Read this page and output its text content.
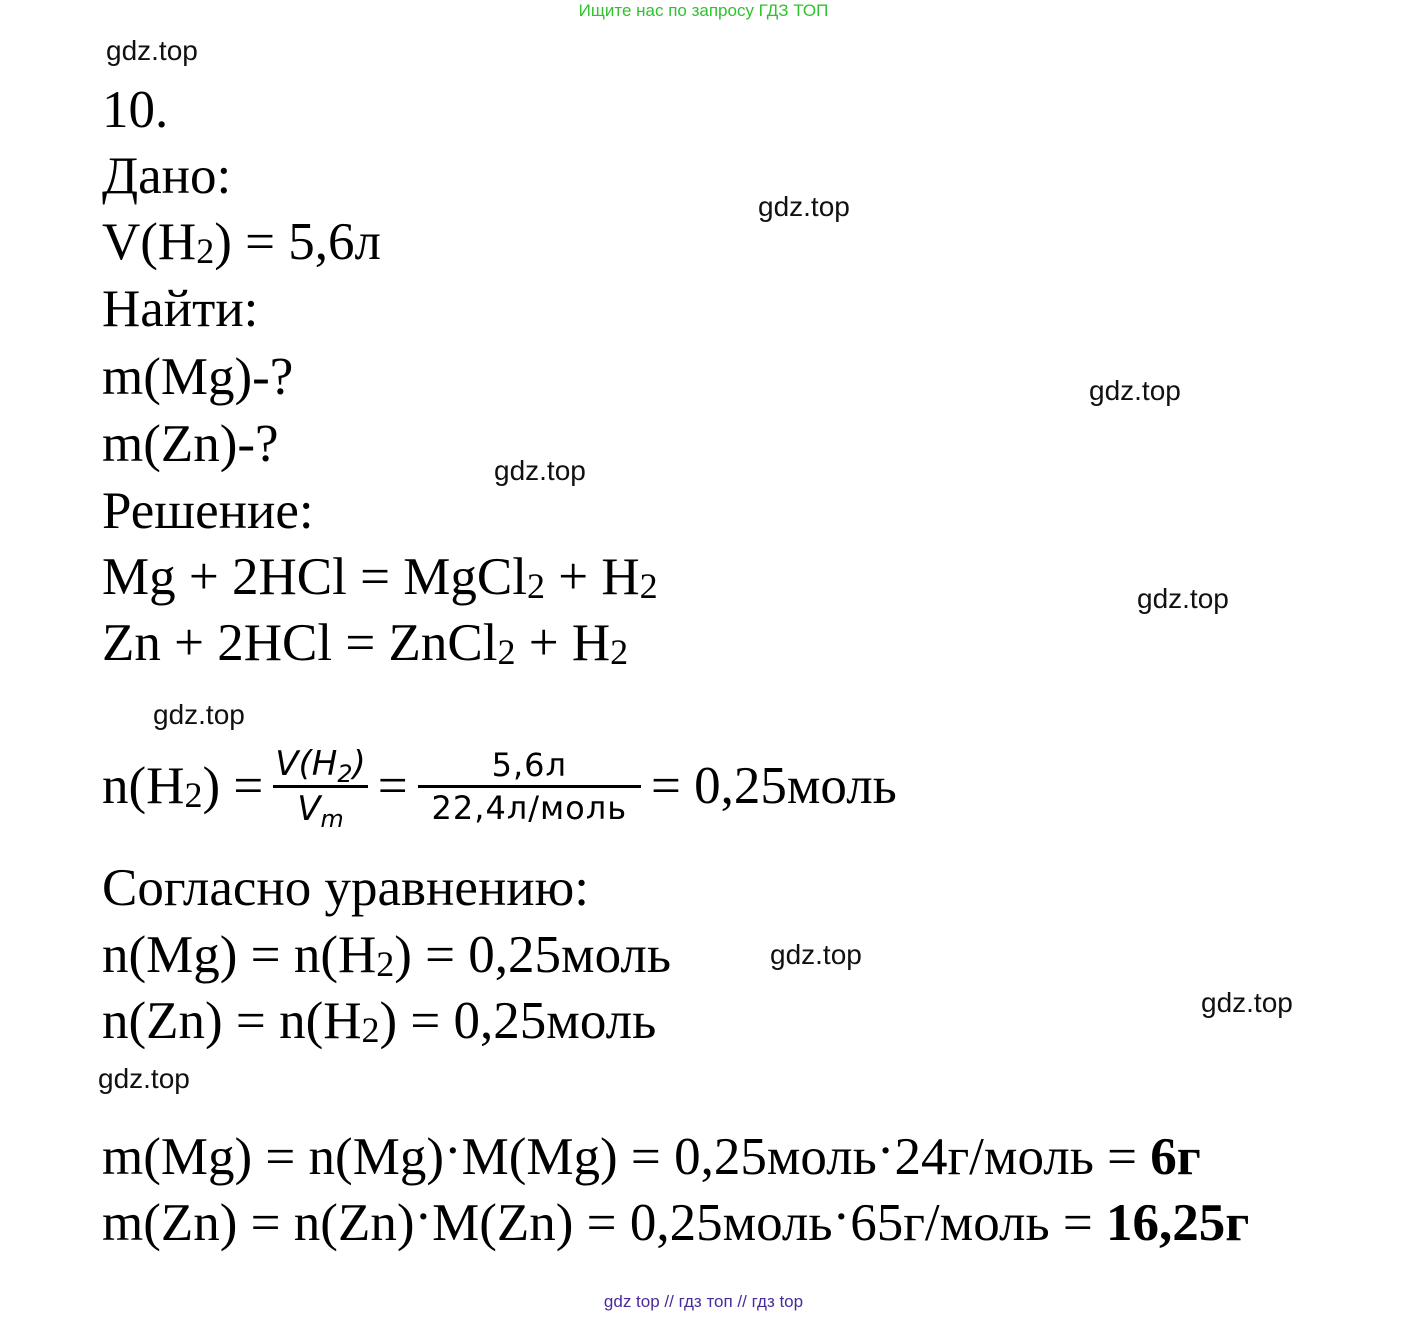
Ищите нас по запросу ГДЗ ТОП
gdz.top
gdz.top
gdz.top
gdz.top
gdz.top
gdz.top
gdz.top
gdz.top
gdz.top
10.
Дано:
V(H2) = 5,6л
Найти:
m(Mg)-?
m(Zn)-?
Решение:
Mg + 2HCl = MgCl2 + H2
Zn + 2HCl = ZnCl2 + H2
$n(H2) = \frac{V(H_2)}{V_m} = \frac{5,6л}{\text{22,4л/моль}}$ = 0,25моль
Согласно уравнению:
n(Mg) = n(H2) = 0,25моль
n(Zn) = n(H2) = 0,25моль
m(Mg) = n(Mg)·M(Mg) = 0,25моль·24г/моль = 6г
m(Zn) = n(Zn)·M(Zn) = 0,25моль·65г/моль = 16,25г
gdz top // гдз топ // гдз top
